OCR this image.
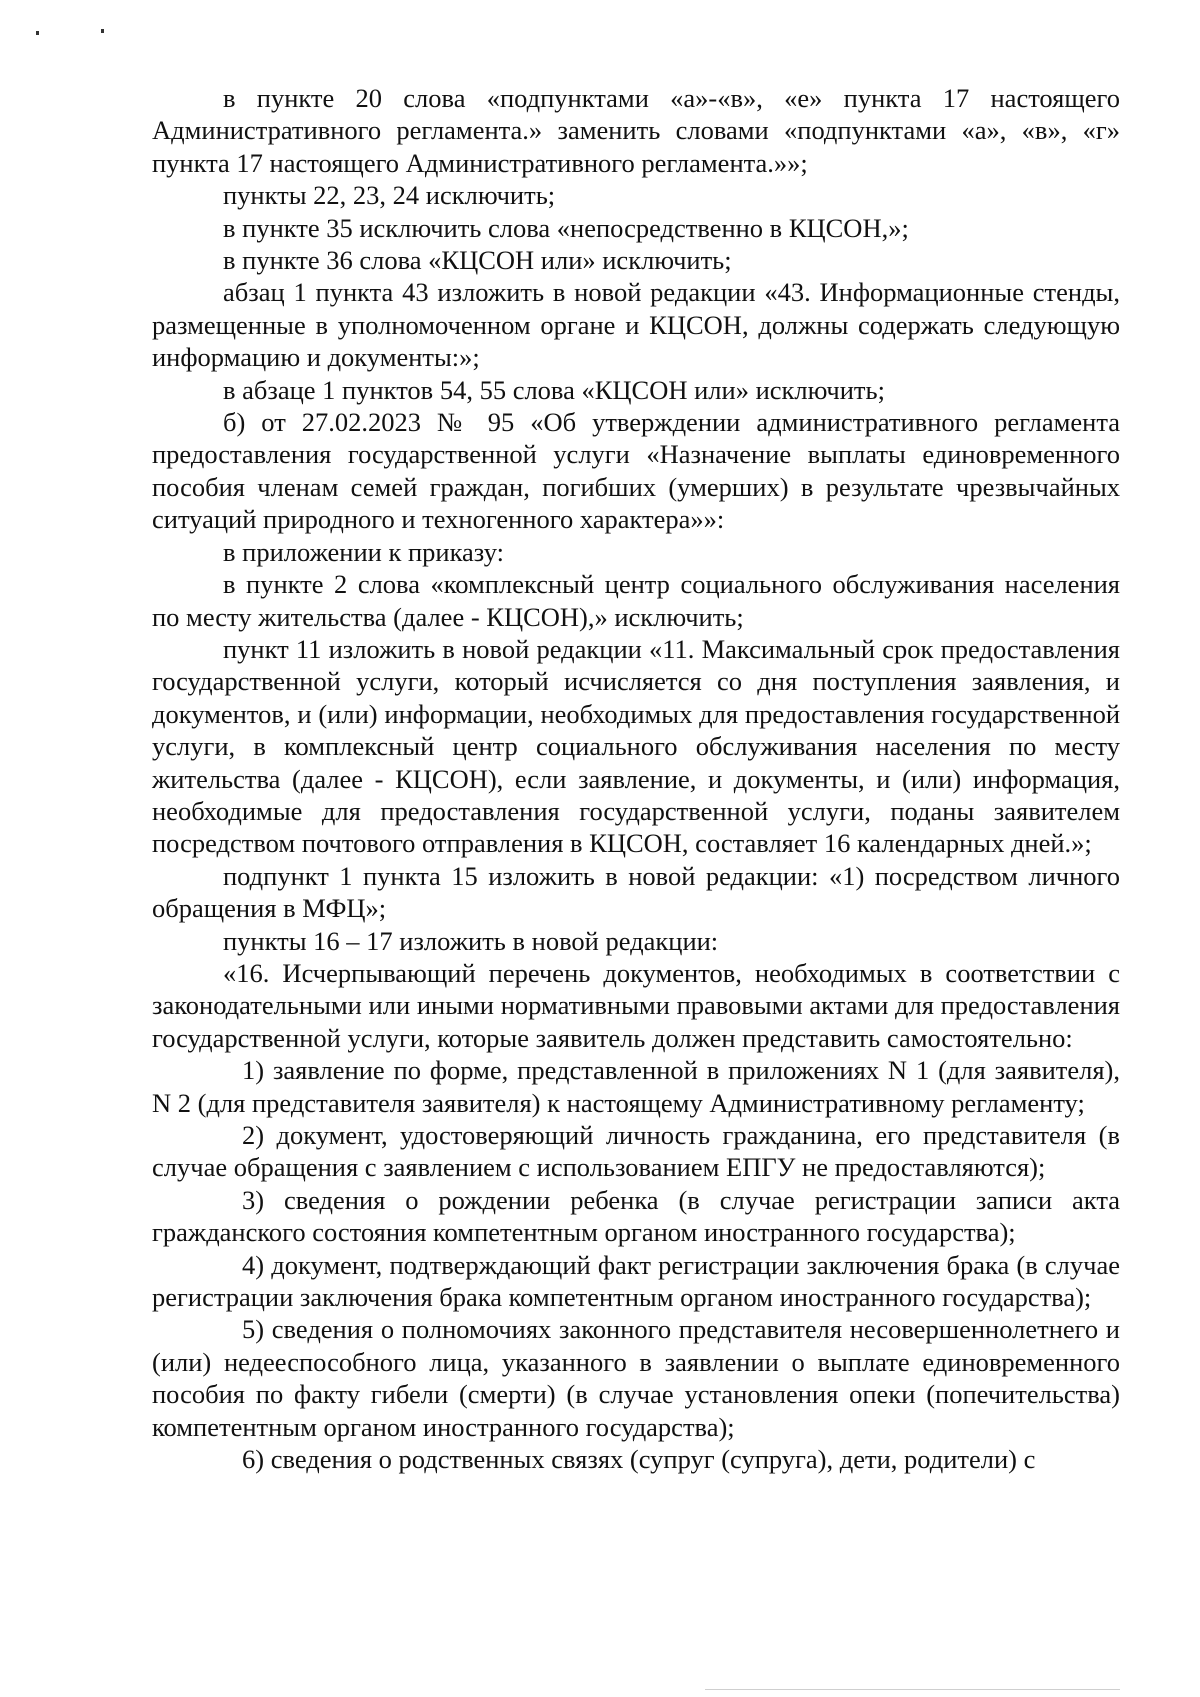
в пункте 20 слова «подпунктами «а»-«в», «е» пункта 17 настоящего Административного регламента.» заменить словами «подпунктами «а», «в», «г» пункта 17 настоящего Административного регламента.»»;

пункты 22, 23, 24 исключить;

в пункте 35 исключить слова «непосредственно в КЦСОН,»;

в пункте 36 слова «КЦСОН или» исключить;

абзац 1 пункта 43 изложить в новой редакции «43. Информационные стенды, размещенные в уполномоченном органе и КЦСОН, должны содержать следующую информацию и документы:»;

в абзаце 1 пунктов 54, 55 слова «КЦСОН или» исключить;

б) от 27.02.2023 № 95 «Об утверждении административного регламента предоставления государственной услуги «Назначение выплаты единовременного пособия членам семей граждан, погибших (умерших) в результате чрезвычайных ситуаций природного и техногенного характера»»:

в приложении к приказу:

в пункте 2 слова «комплексный центр социального обслуживания населения по месту жительства (далее - КЦСОН),» исключить;

пункт 11 изложить в новой редакции «11. Максимальный срок предоставления государственной услуги, который исчисляется со дня поступления заявления, и документов, и (или) информации, необходимых для предоставления государственной услуги, в комплексный центр социального обслуживания населения по месту жительства (далее - КЦСОН), если заявление, и документы, и (или) информация, необходимые для предоставления государственной услуги, поданы заявителем посредством почтового отправления в КЦСОН, составляет 16 календарных дней.»;

подпункт 1 пункта 15 изложить в новой редакции: «1) посредством личного обращения в МФЦ»;

пункты 16 – 17 изложить в новой редакции:

«16. Исчерпывающий перечень документов, необходимых в соответствии с законодательными или иными нормативными правовыми актами для предоставления государственной услуги, которые заявитель должен представить самостоятельно:

1) заявление по форме, представленной в приложениях N 1 (для заявителя), N 2 (для представителя заявителя) к настоящему Административному регламенту;

2) документ, удостоверяющий личность гражданина, его представителя (в случае обращения с заявлением с использованием ЕПГУ не предоставляются);

3) сведения о рождении ребенка (в случае регистрации записи акта гражданского состояния компетентным органом иностранного государства);

4) документ, подтверждающий факт регистрации заключения брака (в случае регистрации заключения брака компетентным органом иностранного государства);

5) сведения о полномочиях законного представителя несовершеннолетнего и (или) недееспособного лица, указанного в заявлении о выплате единовременного пособия по факту гибели (смерти) (в случае установления опеки (попечительства) компетентным органом иностранного государства);

6) сведения о родственных связях (супруг (супруга), дети, родители) с
